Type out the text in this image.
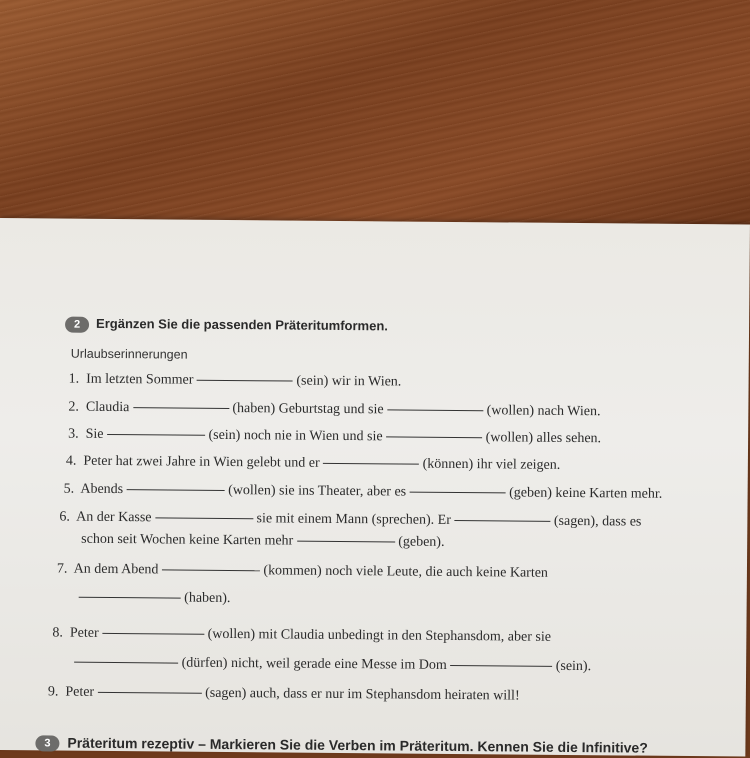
2	Ergänzen Sie die passenden Präteritumformen.
Urlaubserinnerungen
1. Im letzten Sommer	(sein) wir in Wien.
2. Claudia	(haben) Geburtstag und sie	(wollen) nach Wien.
3. Sie	(sein) noch nie in Wien und sie	(wollen) alles sehen.
4. Peter hat zwei Jahre in Wien gelebt und er	(können) ihr viel zeigen.
5. Abends	(wollen) sie ins Theater, aber es	(geben) keine Karten mehr.
6. An der Kasse	sie mit einem Mann (sprechen). Er	(sagen), dass es
schon seit Wochen keine Karten mehr	(geben).
7. An dem Abend	(kommen) noch viele Leute, die auch keine Karten
(haben).
8. Peter	(wollen) mit Claudia unbedingt in den Stephansdom, aber sie
(dürfen) nicht, weil gerade eine Messe im Dom	(sein).
9. Peter	(sagen) auch, dass er nur im Stephansdom heiraten will!
3	Präteritum rezeptiv – Markieren Sie die Verben im Präteritum. Kennen Sie die Infinitive?
